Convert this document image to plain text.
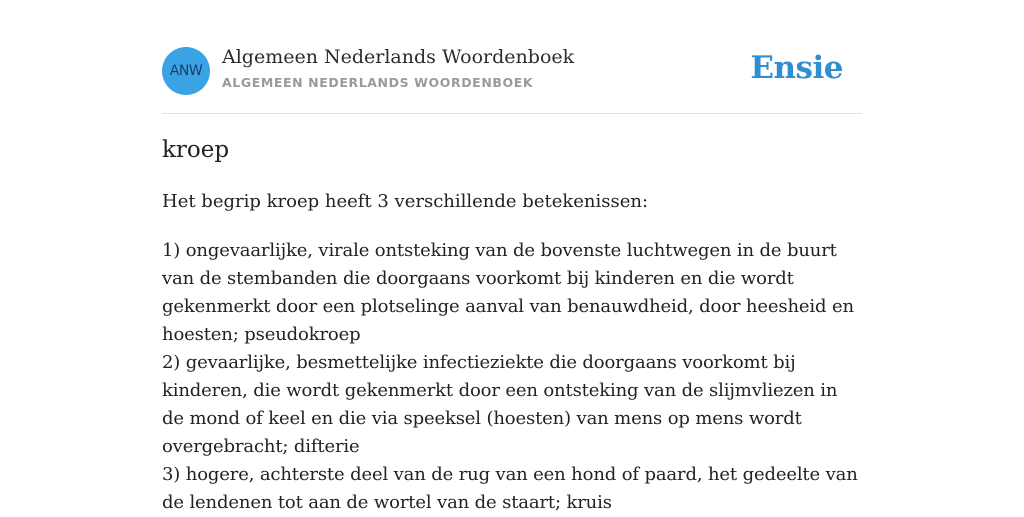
ANW
Algemeen Nederlands Woordenboek
ALGEMEEN NEDERLANDS WOORDENBOEK	Ensie
kroep
Het begrip kroep heeft 3 verschillende betekenissen:
1) ongevaarlijke, virale ontsteking van de bovenste luchtwegen in de buurt van de stembanden die doorgaans voorkomt bij kinderen en die wordt gekenmerkt door een plotselinge aanval van benauwdheid, door heesheid en hoesten; pseudokroep
2) gevaarlijke, besmettelijke infectieziekte die doorgaans voorkomt bij kinderen, die wordt gekenmerkt door een ontsteking van de slijmvliezen in de mond of keel en die via speeksel (hoesten) van mens op mens wordt overgebracht; difterie
3) hogere, achterste deel van de rug van een hond of paard, het gedeelte van de lendenen tot aan de wortel van de staart; kruis
